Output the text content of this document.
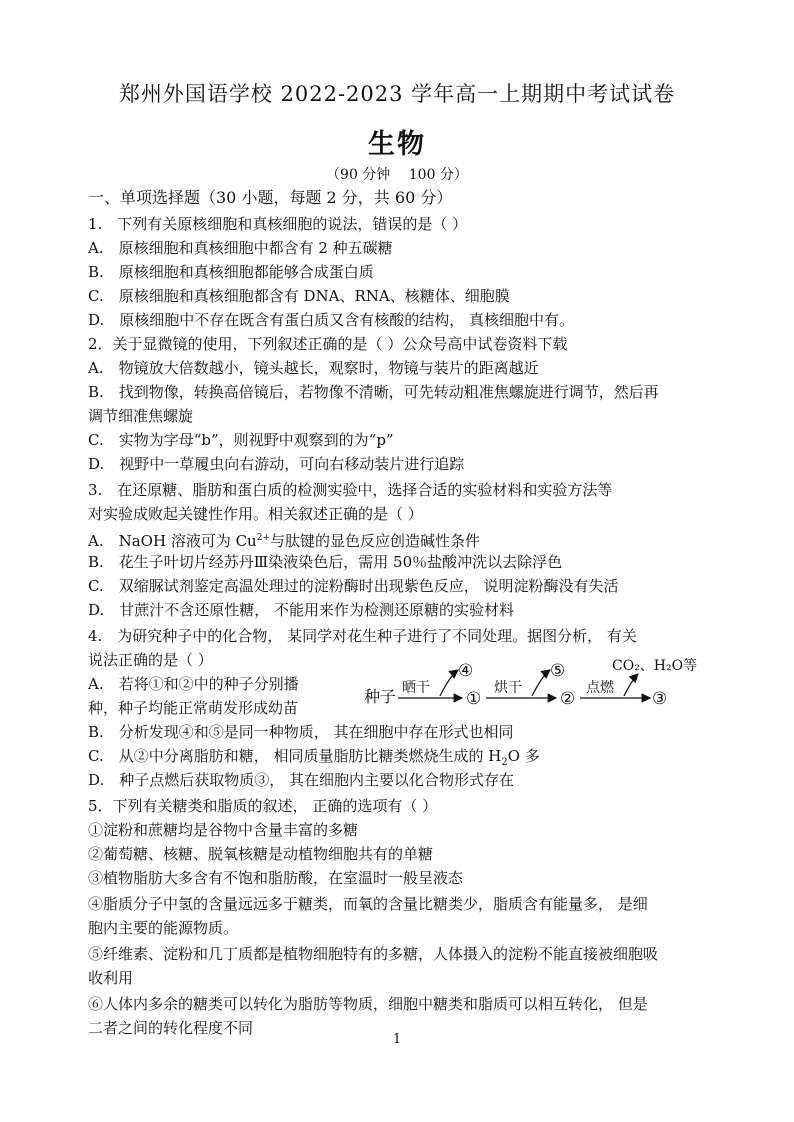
郑州外国语学校 2022-2023 学年高一上期期中考试试卷
生物
（90 分钟　 100 分）
一、单项选择题（30 小题，每题 2 分，共 60 分）
1.　下列有关原核细胞和真核细胞的说法，错误的是（ ）
A.　原核细胞和真核细胞中都含有 2 种五碳糖
B.　原核细胞和真核细胞都能够合成蛋白质
C.　原核细胞和真核细胞都含有 DNA、RNA、核糖体、细胞膜
D.　原核细胞中不存在既含有蛋白质又含有核酸的结构， 真核细胞中有。
2．关于显微镜的使用，下列叙述正确的是（ ）公众号高中试卷资料下载
A.　物镜放大倍数越小，镜头越长，观察时，物镜与装片的距离越近
B.　找到物像，转换高倍镜后，若物像不清晰，可先转动粗准焦螺旋进行调节，然后再
调节细准焦螺旋
C.　实物为字母“b”，则视野中观察到的为“p”
D.　视野中一草履虫向右游动，可向右移动装片进行追踪
3.　在还原糖、脂肪和蛋白质的检测实验中，选择合适的实验材料和实验方法等
对实验成败起关键性作用。相关叙述正确的是（ ）
A.　NaOH 溶液可为 $Cu^{2+}$与肽键的显色反应创造碱性条件
B.　花生子叶切片经苏丹Ⅲ染液染色后，需用 50％盐酸冲洗以去除浮色
C.　双缩脲试剂鉴定高温处理过的淀粉酶时出现紫色反应， 说明淀粉酶没有失活
D.　甘蔗汁不含还原性糖， 不能用来作为检测还原糖的实验材料
4.　为研究种子中的化合物， 某同学对花生种子进行了不同处理。据图分析， 有关
说法正确的是（ ）
A.　若将①和②中的种子分别播
种，种子均能正常萌发形成幼苗
种子 晒干
④
①
烘干
⑤
②
点燃
CO₂、H₂O等
③
B.　分析发现④和⑤是同一种物质， 其在细胞中存在形式也相同
C.　从②中分离脂肪和糖， 相同质量脂肪比糖类燃烧生成的 $H_2O$ 多
D.　种子点燃后获取物质③， 其在细胞内主要以化合物形式存在
5．下列有关糖类和脂质的叙述， 正确的选项有（ ）
①淀粉和蔗糖均是谷物中含量丰富的多糖
②葡萄糖、核糖、脱氧核糖是动植物细胞共有的单糖
③植物脂肪大多含有不饱和脂肪酸，在室温时一般呈液态
④脂质分子中氢的含量远远多于糖类，而氧的含量比糖类少，脂质含有能量多， 是细
胞内主要的能源物质。
⑤纤维素、淀粉和几丁质都是植物细胞特有的多糖，人体摄入的淀粉不能直接被细胞吸
收利用
⑥人体内多余的糖类可以转化为脂肪等物质，细胞中糖类和脂质可以相互转化， 但是
二者之间的转化程度不同
1
